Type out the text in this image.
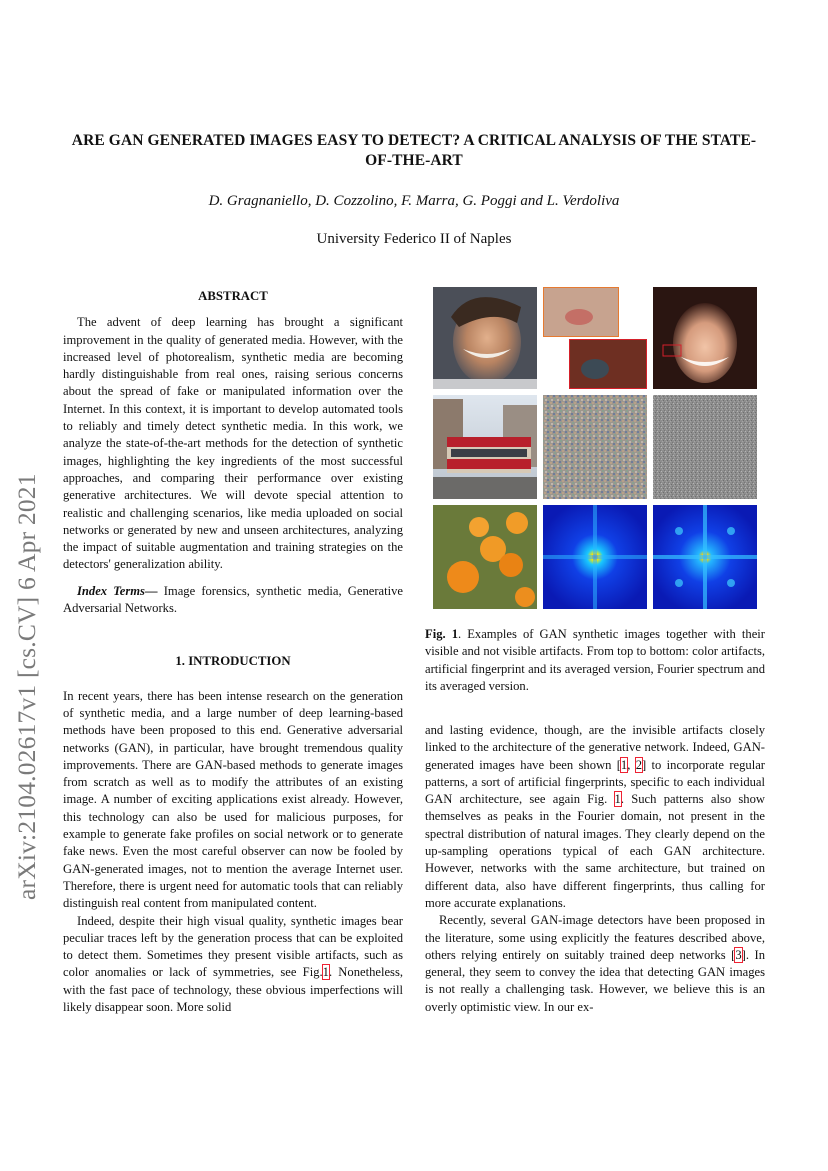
ARE GAN GENERATED IMAGES EASY TO DETECT? A CRITICAL ANALYSIS OF THE STATE-OF-THE-ART
D. Gragnaniello, D. Cozzolino, F. Marra, G. Poggi and L. Verdoliva
University Federico II of Naples
arXiv:2104.02617v1 [cs.CV] 6 Apr 2021
ABSTRACT

The advent of deep learning has brought a significant improvement in the quality of generated media. However, with the increased level of photorealism, synthetic media are becoming hardly distinguishable from real ones, raising serious concerns about the spread of fake or manipulated information over the Internet. In this context, it is important to develop automated tools to reliably and timely detect synthetic media. In this work, we analyze the state-of-the-art methods for the detection of synthetic images, highlighting the key ingredients of the most successful approaches, and comparing their performance over existing generative architectures. We will devote special attention to realistic and challenging scenarios, like media uploaded on social networks or generated by new and unseen architectures, analyzing the impact of suitable augmentation and training strategies on the detectors' generalization ability.

Index Terms— Image forensics, synthetic media, Generative Adversarial Networks.

1. INTRODUCTION

In recent years, there has been intense research on the generation of synthetic media, and a large number of deep learning-based methods have been proposed to this end. Generative adversarial networks (GAN), in particular, have brought tremendous quality improvements. There are GAN-based methods to generate images from scratch as well as to modify the attributes of an existing image. A number of exciting applications exist already. However, this technology can also be used for malicious purposes, for example to generate fake profiles on social network or to generate fake news. Even the most careful observer can now be fooled by GAN-generated images, not to mention the average Internet user. Therefore, there is urgent need for automatic tools that can reliably distinguish real content from manipulated content.

Indeed, despite their high visual quality, synthetic images bear peculiar traces left by the generation process that can be exploited to detect them. Sometimes they present visible artifacts, such as color anomalies or lack of symmetries, see Fig.1. Nonetheless, with the fast pace of technology, these obvious imperfections will likely disappear soon. More solid

Fig. 1. Examples of GAN synthetic images together with their visible and not visible artifacts. From top to bottom: color artifacts, artificial fingerprint and its averaged version, Fourier spectrum and its averaged version.

and lasting evidence, though, are the invisible artifacts closely linked to the architecture of the generative network. Indeed, GAN-generated images have been shown [1, 2] to incorporate regular patterns, a sort of artificial fingerprints, specific to each individual GAN architecture, see again Fig. 1. Such patterns also show themselves as peaks in the Fourier domain, not present in the spectral distribution of natural images. They clearly depend on the up-sampling operations typical of each GAN architecture. However, networks with the same architecture, but trained on different data, also have different fingerprints, thus calling for more accurate explanations.

Recently, several GAN-image detectors have been proposed in the literature, some using explicitly the features described above, others relying entirely on suitably trained deep networks [3]. In general, they seem to convey the idea that detecting GAN images is not really a challenging task. However, we believe this is an overly optimistic view. In our ex-
